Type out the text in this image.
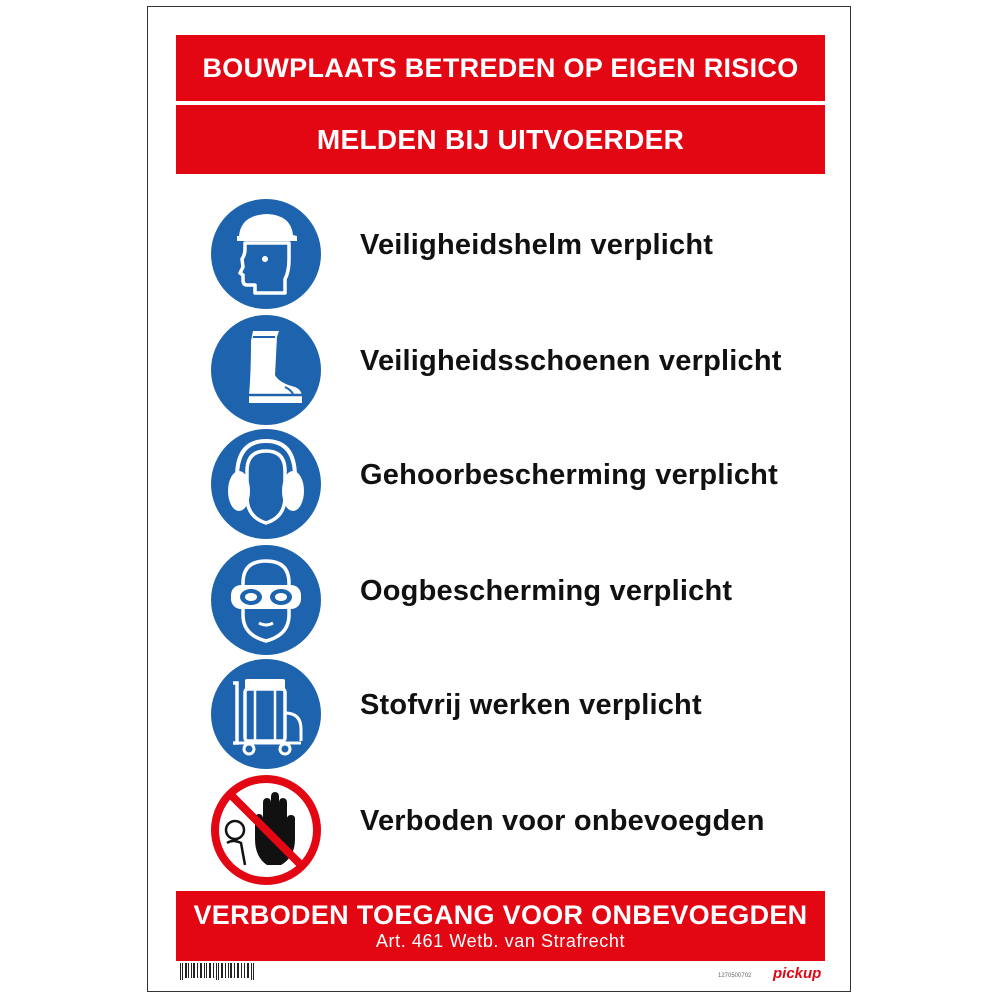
BOUWPLAATS BETREDEN OP EIGEN RISICO
MELDEN BIJ UITVOERDER
Veiligheidshelm verplicht
Veiligheidsschoenen verplicht
Gehoorbescherming verplicht
Oogbescherming verplicht
Stofvrij werken verplicht
Verboden voor onbevoegden
VERBODEN TOEGANG VOOR ONBEVOEGDEN
Art. 461 Wetb. van Strafrecht
1270500702 pickup
